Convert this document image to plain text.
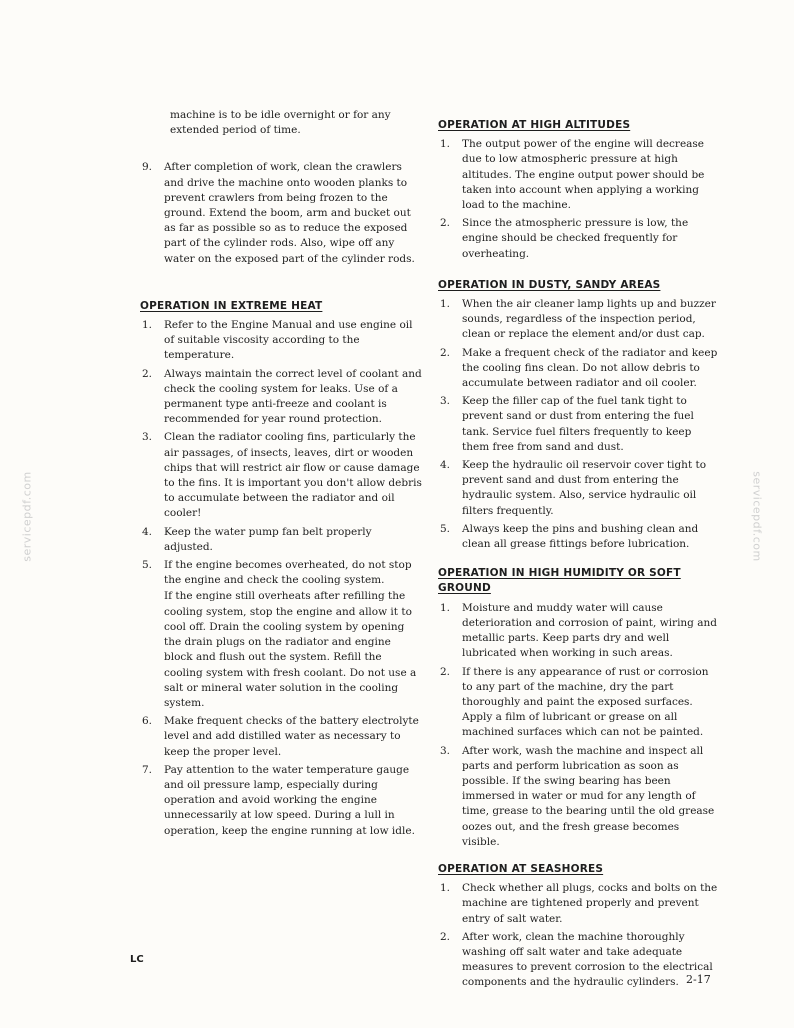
servicepdf.com	servicepdf.com

machine is to be idle overnight or for any extended period of time.

9. After completion of work, clean the crawlers and drive the machine onto wooden planks to prevent crawlers from being frozen to the ground. Extend the boom, arm and bucket out as far as possible so as to reduce the exposed part of the cylinder rods. Also, wipe off any water on the exposed part of the cylinder rods.
OPERATION IN EXTREME HEAT
1. Refer to the Engine Manual and use engine oil of suitable viscosity according to the temperature.
2. Always maintain the correct level of coolant and check the cooling system for leaks. Use of a permanent type anti-freeze and coolant is recommended for year round protection.
3. Clean the radiator cooling fins, particularly the air passages, of insects, leaves, dirt or wooden chips that will restrict air flow or cause damage to the fins. It is important you don't allow debris to accumulate between the radiator and oil cooler!
4. Keep the water pump fan belt properly adjusted.
5. If the engine becomes overheated, do not stop the engine and check the cooling system.
If the engine still overheats after refilling the cooling system, stop the engine and allow it to cool off. Drain the cooling system by opening the drain plugs on the radiator and engine block and flush out the system. Refill the cooling system with fresh coolant. Do not use a salt or mineral water solution in the cooling system.
6. Make frequent checks of the battery electrolyte level and add distilled water as necessary to keep the proper level.
7. Pay attention to the water temperature gauge and oil pressure lamp, especially during operation and avoid working the engine unnecessarily at low speed. During a lull in operation, keep the engine running at low idle.
OPERATION AT HIGH ALTITUDES
1. The output power of the engine will decrease due to low atmospheric pressure at high altitudes. The engine output power should be taken into account when applying a working load to the machine.
2. Since the atmospheric pressure is low, the engine should be checked frequently for overheating.
OPERATION IN DUSTY, SANDY AREAS
1. When the air cleaner lamp lights up and buzzer sounds, regardless of the inspection period, clean or replace the element and/or dust cap.
2. Make a frequent check of the radiator and keep the cooling fins clean. Do not allow debris to accumulate between radiator and oil cooler.
3. Keep the filler cap of the fuel tank tight to prevent sand or dust from entering the fuel tank. Service fuel filters frequently to keep them free from sand and dust.
4. Keep the hydraulic oil reservoir cover tight to prevent sand and dust from entering the hydraulic system. Also, service hydraulic oil filters frequently.
5. Always keep the pins and bushing clean and clean all grease fittings before lubrication.
OPERATION IN HIGH HUMIDITY OR SOFT GROUND
1. Moisture and muddy water will cause deterioration and corrosion of paint, wiring and metallic parts. Keep parts dry and well lubricated when working in such areas.
2. If there is any appearance of rust or corrosion to any part of the machine, dry the part thoroughly and paint the exposed surfaces. Apply a film of lubricant or grease on all machined surfaces which can not be painted.
3. After work, wash the machine and inspect all parts and perform lubrication as soon as possible. If the swing bearing has been immersed in water or mud for any length of time, grease to the bearing until the old grease oozes out, and the fresh grease becomes visible.
OPERATION AT SEASHORES
1. Check whether all plugs, cocks and bolts on the machine are tightened properly and prevent entry of salt water.
2. After work, clean the machine thoroughly washing off salt water and take adequate measures to prevent corrosion to the electrical components and the hydraulic cylinders.
LC
2-17
